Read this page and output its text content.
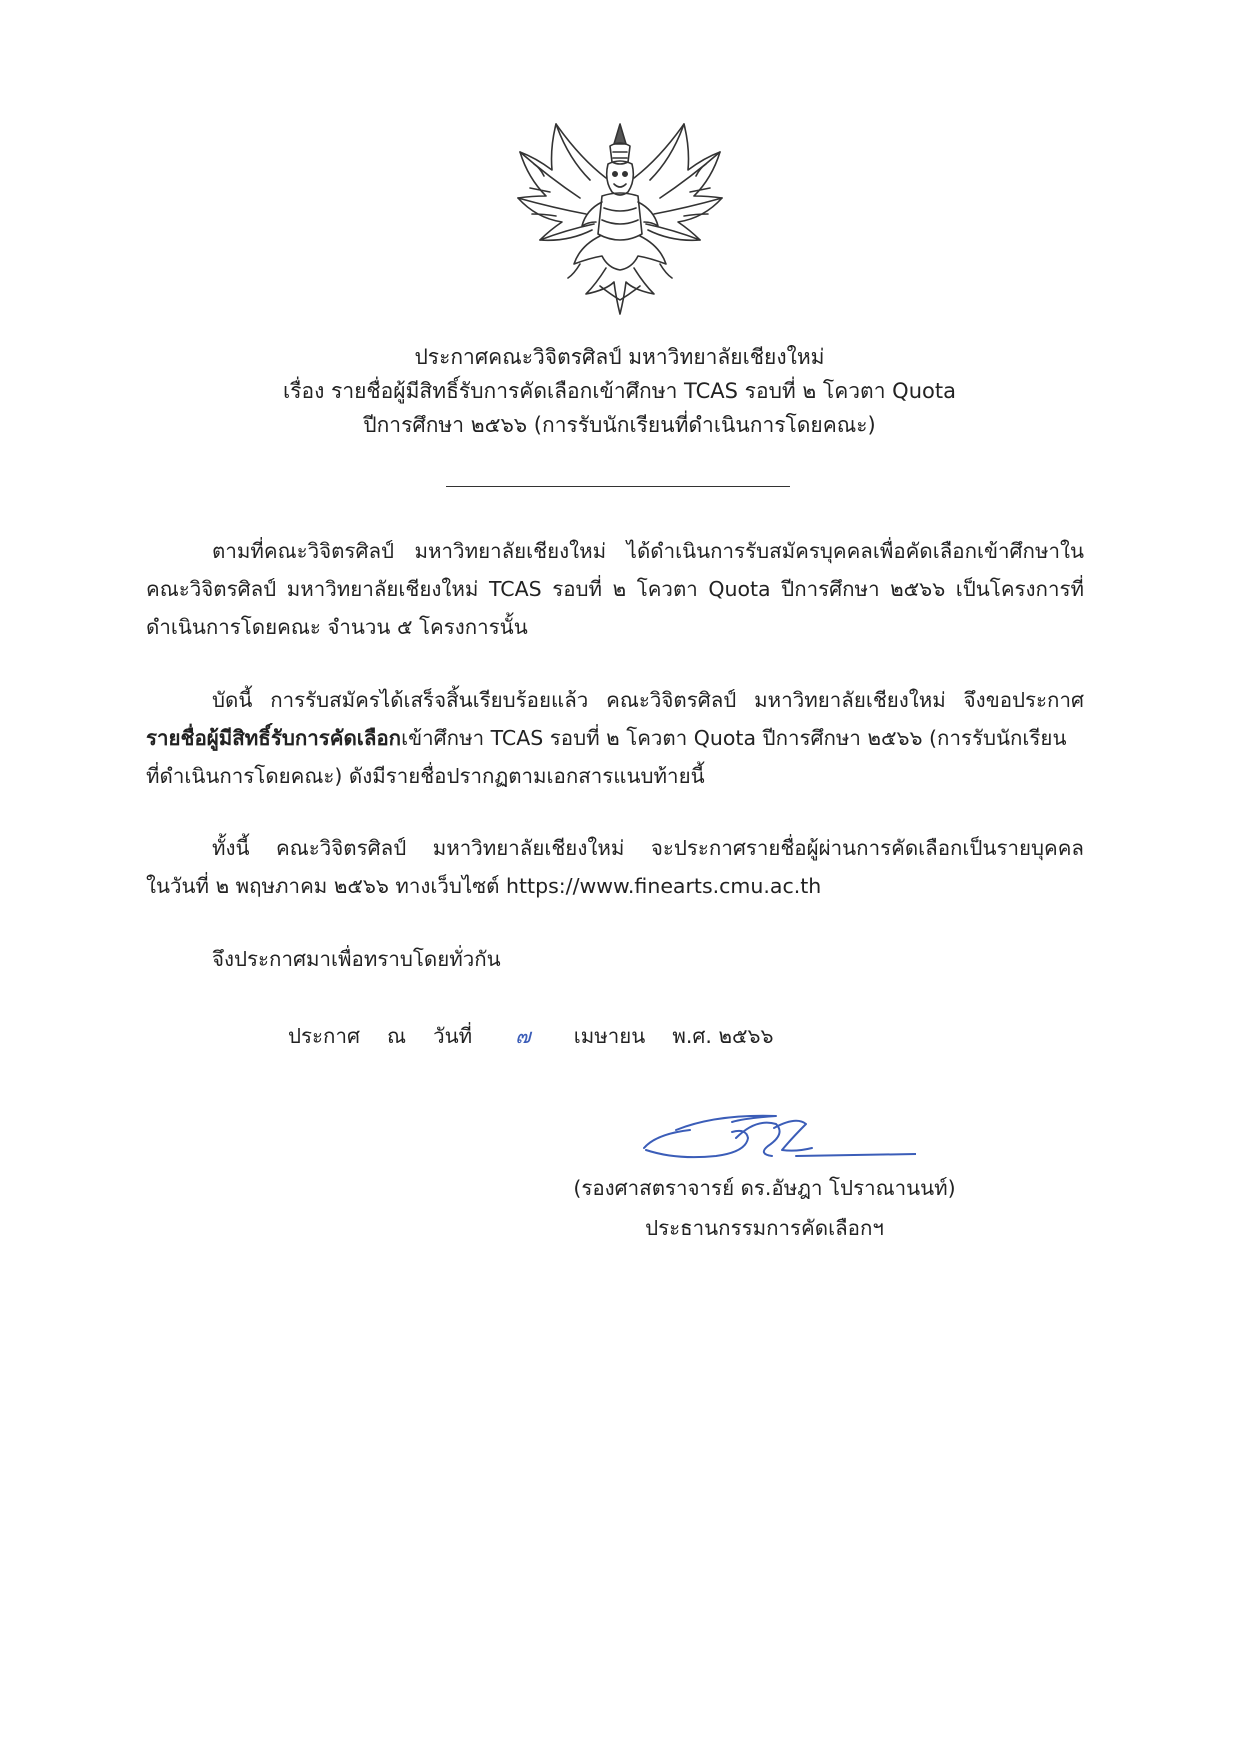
ประกาศคณะวิจิตรศิลป์ มหาวิทยาลัยเชียงใหม่
เรื่อง รายชื่อผู้มีสิทธิ์รับการคัดเลือกเข้าศึกษา TCAS รอบที่ ๒ โควตา Quota
ปีการศึกษา ๒๕๖๖ (การรับนักเรียนที่ดำเนินการโดยคณะ)
ตามที่คณะวิจิตรศิลป์ มหาวิทยาลัยเชียงใหม่ ได้ดำเนินการรับสมัครบุคคลเพื่อคัดเลือกเข้าศึกษาใน
คณะวิจิตรศิลป์ มหาวิทยาลัยเชียงใหม่ TCAS รอบที่ ๒ โควตา Quota ปีการศึกษา ๒๕๖๖ เป็นโครงการที่
ดำเนินการโดยคณะ จำนวน ๕ โครงการนั้น
บัดนี้ การรับสมัครได้เสร็จสิ้นเรียบร้อยแล้ว คณะวิจิตรศิลป์ มหาวิทยาลัยเชียงใหม่ จึงขอประกาศ
รายชื่อผู้มีสิทธิ์รับการคัดเลือกเข้าศึกษา TCAS รอบที่ ๒ โควตา Quota ปีการศึกษา ๒๕๖๖ (การรับนักเรียน
ที่ดำเนินการโดยคณะ) ดังมีรายชื่อปรากฏตามเอกสารแนบท้ายนี้
ทั้งนี้ คณะวิจิตรศิลป์ มหาวิทยาลัยเชียงใหม่ จะประกาศรายชื่อผู้ผ่านการคัดเลือกเป็นรายบุคคล
ในวันที่ ๒ พฤษภาคม ๒๕๖๖ ทางเว็บไซต์ https://www.finearts.cmu.ac.th
จึงประกาศมาเพื่อทราบโดยทั่วกัน
ประกาศ ณ วันที่ ๗ เมษายน พ.ศ. ๒๕๖๖
(รองศาสตราจารย์ ดร.อัษฎา โปราณานนท์)
ประธานกรรมการคัดเลือกฯ
